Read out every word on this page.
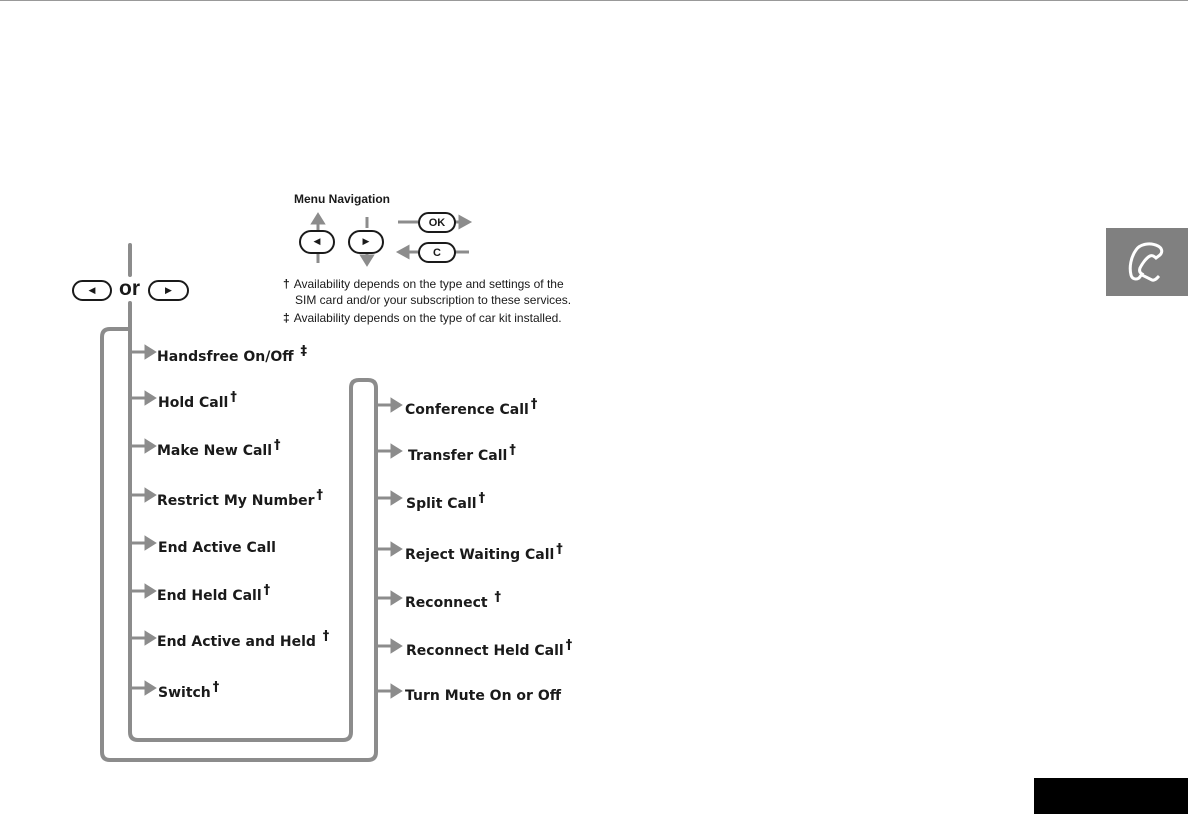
Menu Navigation
◀	▶
OK
C
† Availability depends on the type and settings of the
SIM card and/or your subscription to these services.
‡ Availability depends on the type of car kit installed.
◀	or	▶
Handsfree On/Off ‡
Hold Call †
Make New Call †
Restrict My Number †
End Active Call
End Held Call †
End Active and Held †
Switch †
Conference Call †
Transfer Call †
Split Call †
Reject Waiting Call †
Reconnect †
Reconnect Held Call †
Turn Mute On or Off
